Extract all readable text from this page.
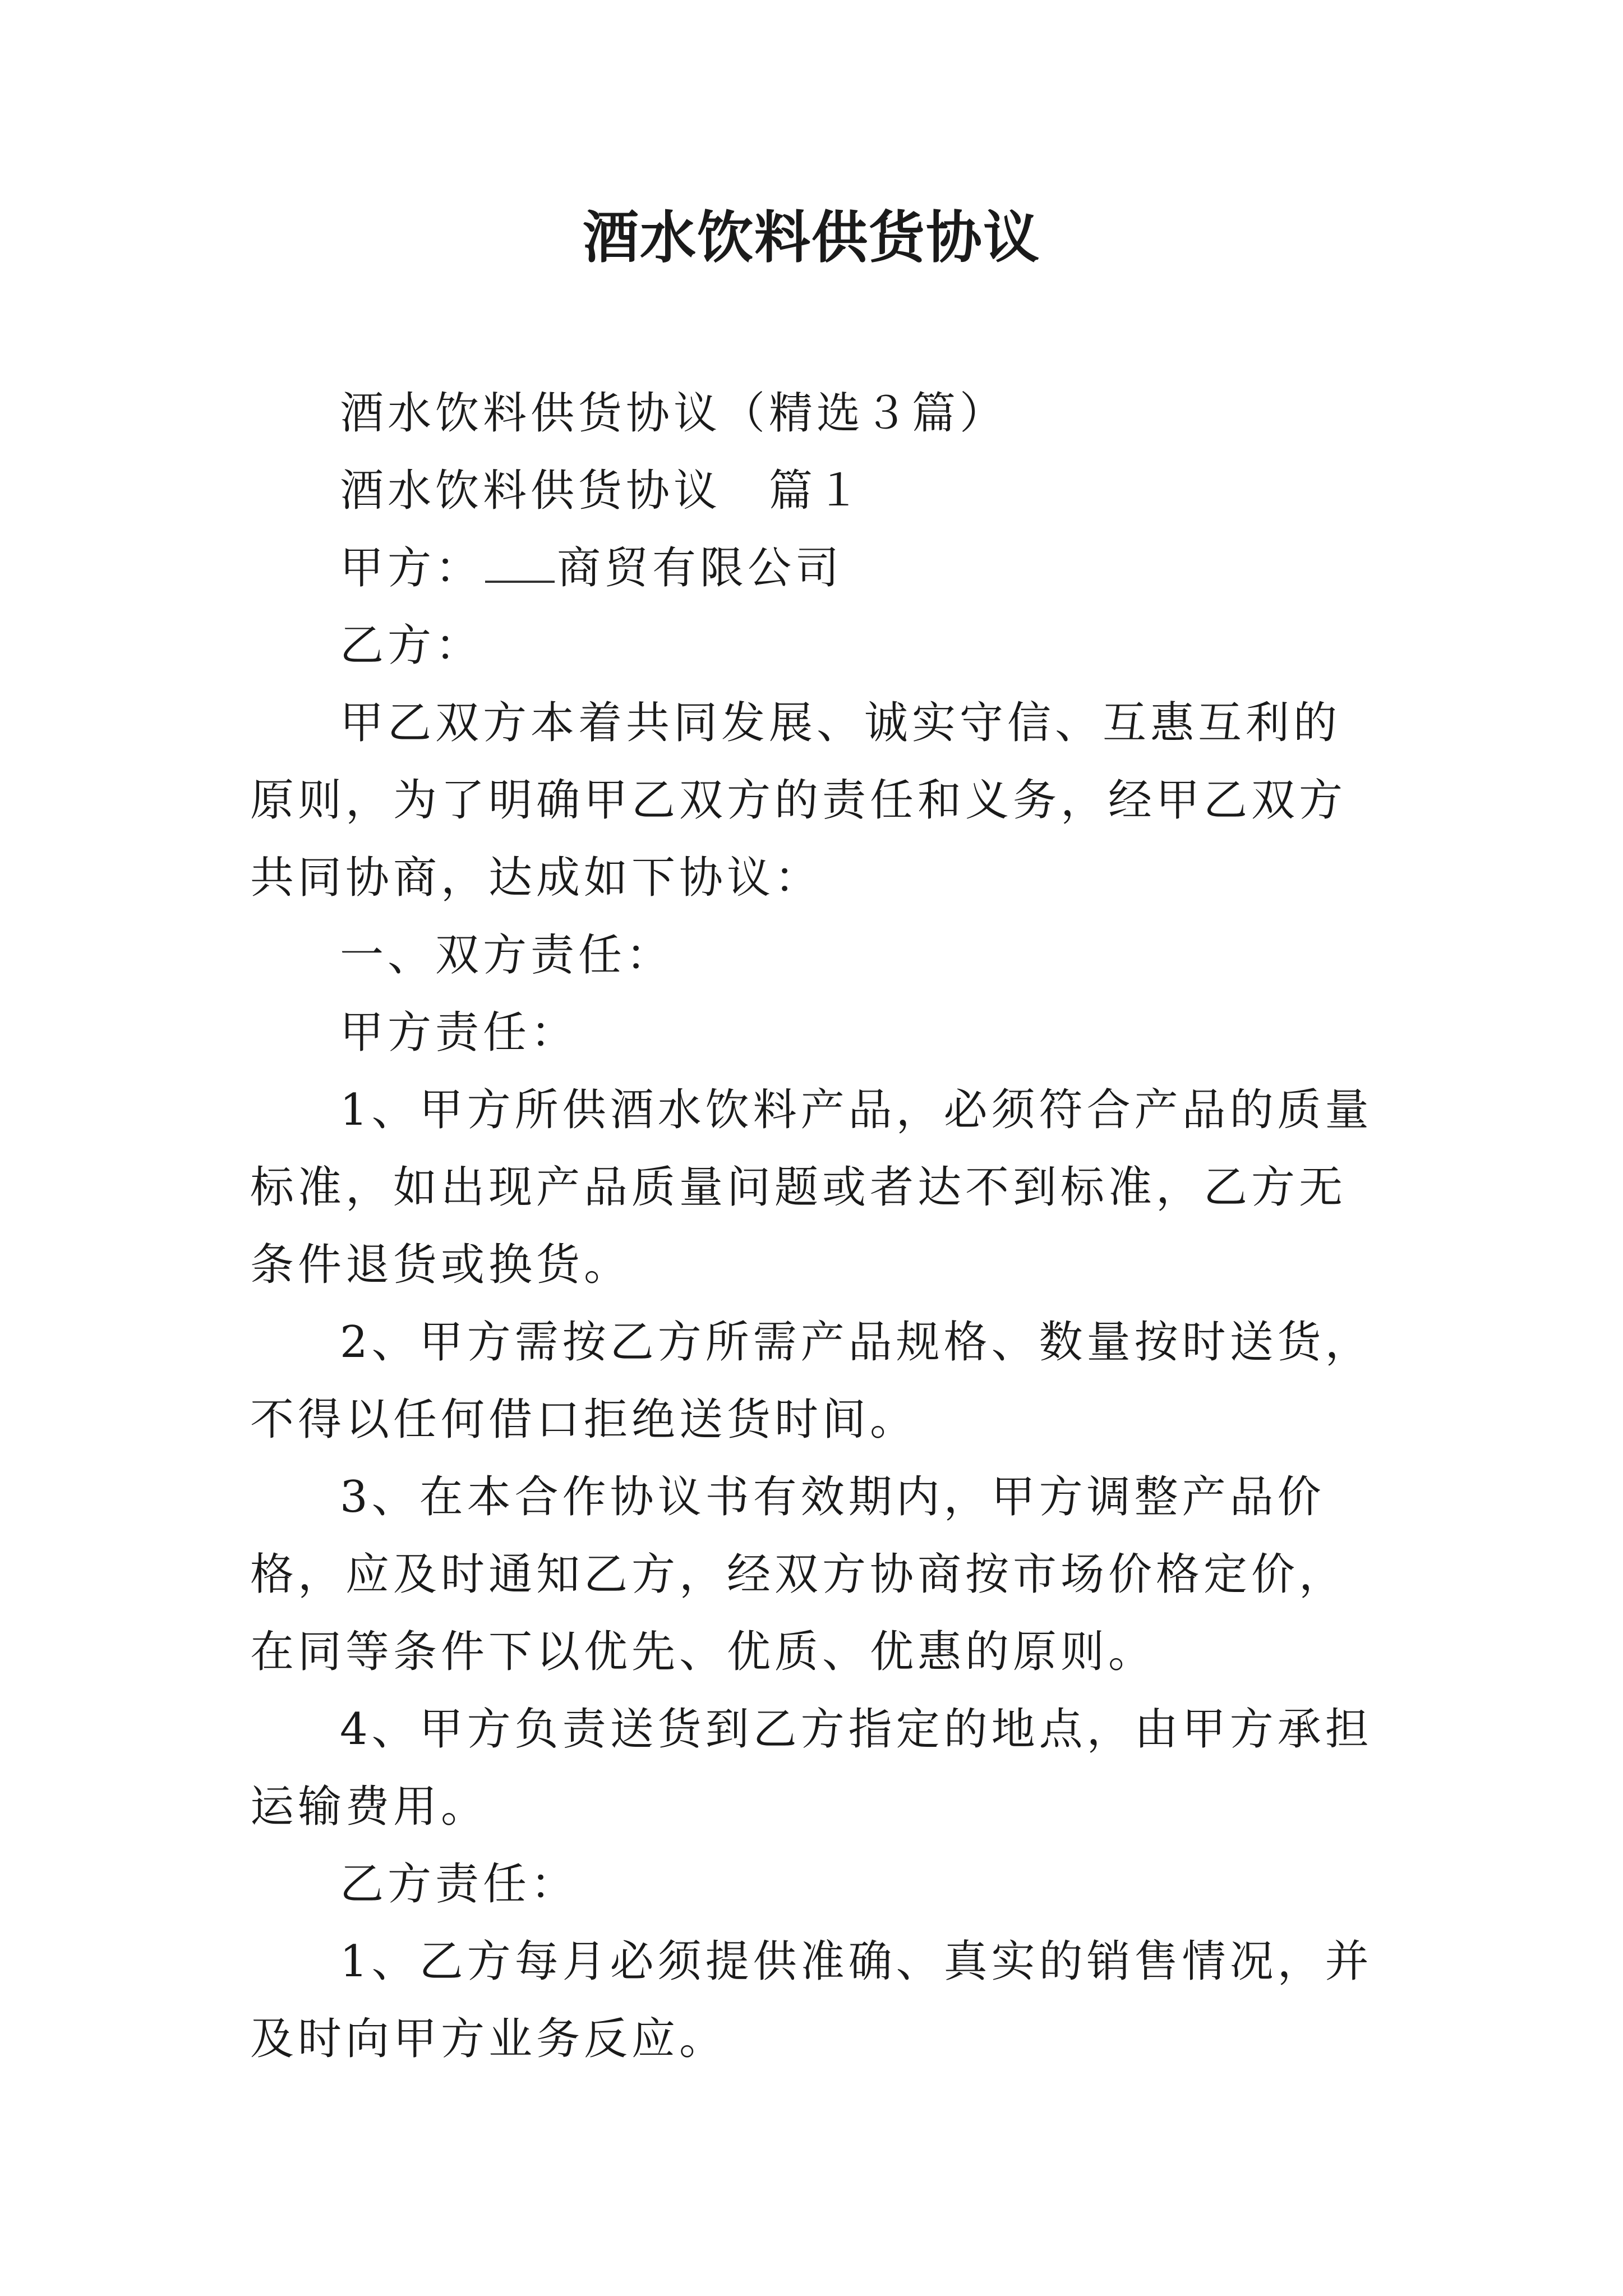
酒水饮料供货协议

酒水饮料供货协议（精选３篇）

酒水饮料供货协议　篇１

甲方： 商贸有限公司

乙方：

甲乙双方本着共同发展、诚实守信、互惠互利的原则，为了明确甲乙双方的责任和义务，经甲乙双方共同协商，达成如下协议：

一、双方责任：

甲方责任：

1、甲方所供酒水饮料产品，必须符合产品的质量标准，如出现产品质量问题或者达不到标准，乙方无条件退货或换货。

2、甲方需按乙方所需产品规格、数量按时送货，不得以任何借口拒绝送货时间。

3、在本合作协议书有效期内，甲方调整产品价格，应及时通知乙方，经双方协商按市场价格定价，在同等条件下以优先、优质、优惠的原则。

4、甲方负责送货到乙方指定的地点，由甲方承担运输费用。

乙方责任：

1、乙方每月必须提供准确、真实的销售情况，并及时向甲方业务反应。
